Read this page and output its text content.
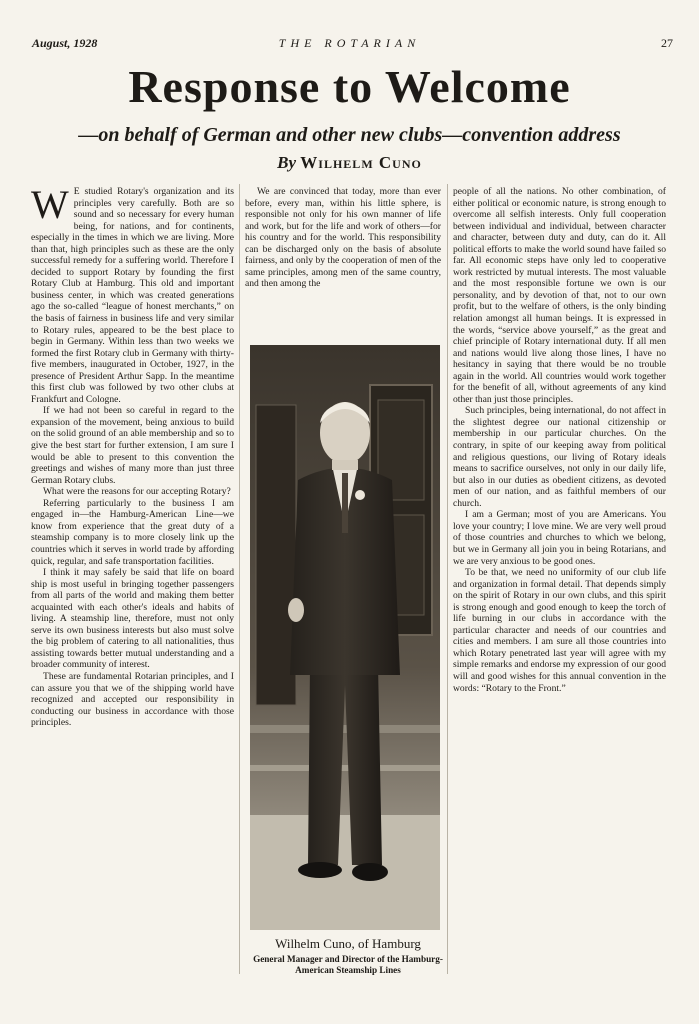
August, 1928	THE ROTARIAN	27
Response to Welcome
—on behalf of German and other new clubs—convention address
By Wilhelm Cuno

W E studied Rotary's organization and its principles very carefully. Both are so sound and so necessary for every human being, for nations, and for continents, especially in the times in which we are living. More than that, high principles such as these are the only successful remedy for a suffering world. Therefore I decided to support Rotary by founding the first Rotary Club at Hamburg. This old and important business center, in which was created generations ago the so-called “league of honest merchants,” on the basis of fairness in business life and very similar to Rotary rules, appeared to be the best place to begin in Germany. Within less than two weeks we formed the first Rotary club in Germany with thirty-five members, inaugurated in October, 1927, in the presence of President Arthur Sapp. In the meantime this first club was followed by two other clubs at Frankfurt and Cologne.

If we had not been so careful in regard to the expansion of the movement, being anxious to build on the solid ground of an able membership and so to give the best start for further extension, I am sure I would be able to present to this convention the greetings and wishes of many more than just three German Rotary clubs.

What were the reasons for our accepting Rotary?

Referring particularly to the business I am engaged in—the Hamburg-American Line—we know from experience that the great duty of a steamship company is to more closely link up the countries which it serves in world trade by affording quick, regular, and safe transportation facilities.

I think it may safely be said that life on board ship is most useful in bringing together passengers from all parts of the world and making them better acquainted with each other's ideals and habits of living. A steamship line, therefore, must not only serve its own business interests but also must solve the big problem of catering to all nationalities, thus assisting towards better mutual understanding and a broader community of interest.

These are fundamental Rotarian principles, and I can assure you that we of the shipping world have recognized and accepted our responsibility in conducting our business in accordance with those principles.

We are convinced that today, more than ever before, every man, within his little sphere, is responsible not only for his own manner of life and work, but for the life and work of others—for his country and for the world. This responsibility can be discharged only on the basis of absolute fairness, and only by the cooperation of men of the same principles, among men of the same country, and then among the

Wilhelm Cuno, of Hamburg
General Manager and Director of the Hamburg-American Steamship Lines

people of all the nations. No other combination, of either political or economic nature, is strong enough to overcome all selfish interests. Only full cooperation between individual and individual, between character and character, between duty and duty, can do it. All political efforts to make the world sound have failed so far. All economic steps have only led to cooperative work restricted by mutual interests. The most valuable and the most responsible fortune we own is our personality, and by devotion of that, not to our own profit, but to the welfare of others, is the only binding relation amongst all human beings. It is expressed in the words, “service above yourself,” as the great and chief principle of Rotary international duty. If all men and nations would live along those lines, I have no hesitancy in saying that there would be no trouble again in the world. All countries would work together for the benefit of all, without agreements of any kind other than just those principles.

Such principles, being international, do not affect in the slightest degree our national citizenship or membership in our particular churches. On the contrary, in spite of our keeping away from political and religious questions, our living of Rotary ideals means to sacrifice ourselves, not only in our daily life, but also in our duties as obedient citizens, as devoted men of our nation, and as faithful members of our church.

I am a German; most of you are Americans. You love your country; I love mine. We are very well proud of those countries and churches to which we belong, but we in Germany all join you in being Rotarians, and we are very anxious to be good ones.

To be that, we need no uniformity of our club life and organization in formal detail. That depends simply on the spirit of Rotary in our own clubs, and this spirit is strong enough and good enough to keep the torch of life burning in our clubs in accordance with the particular character and needs of our countries and cities and members. I am sure all those countries into which Rotary penetrated last year will agree with my simple remarks and endorse my expression of our good will and good wishes for this annual convention in the words: “Rotary to the Front.”
